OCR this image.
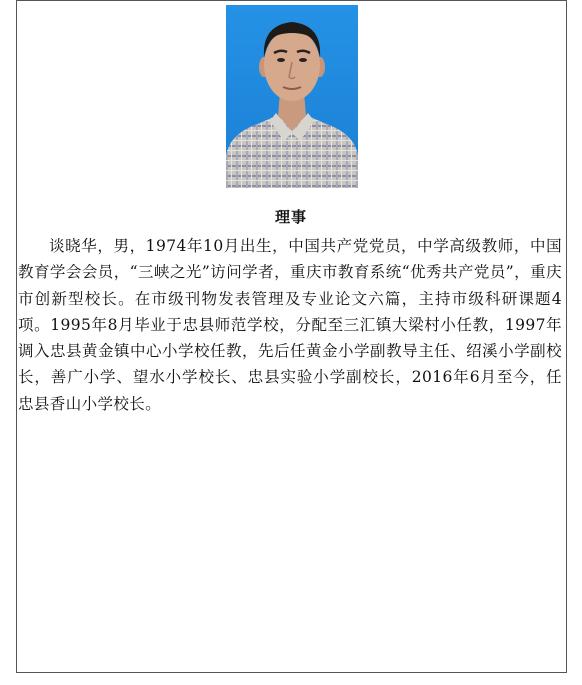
理事

谈晓华，男，1974年10月出生，中国共产党党员，中学高级教师，中国教育学会会员，“三峡之光”访问学者，重庆市教育系统“优秀共产党员”，重庆市创新型校长。在市级刊物发表管理及专业论文六篇，主持市级科研课题4项。1995年8月毕业于忠县师范学校，分配至三汇镇大梁村小任教，1997年调入忠县黄金镇中心小学校任教，先后任黄金小学副教导主任、绍溪小学副校长，善广小学、望水小学校长、忠县实验小学副校长，2016年6月至今，任忠县香山小学校长。
